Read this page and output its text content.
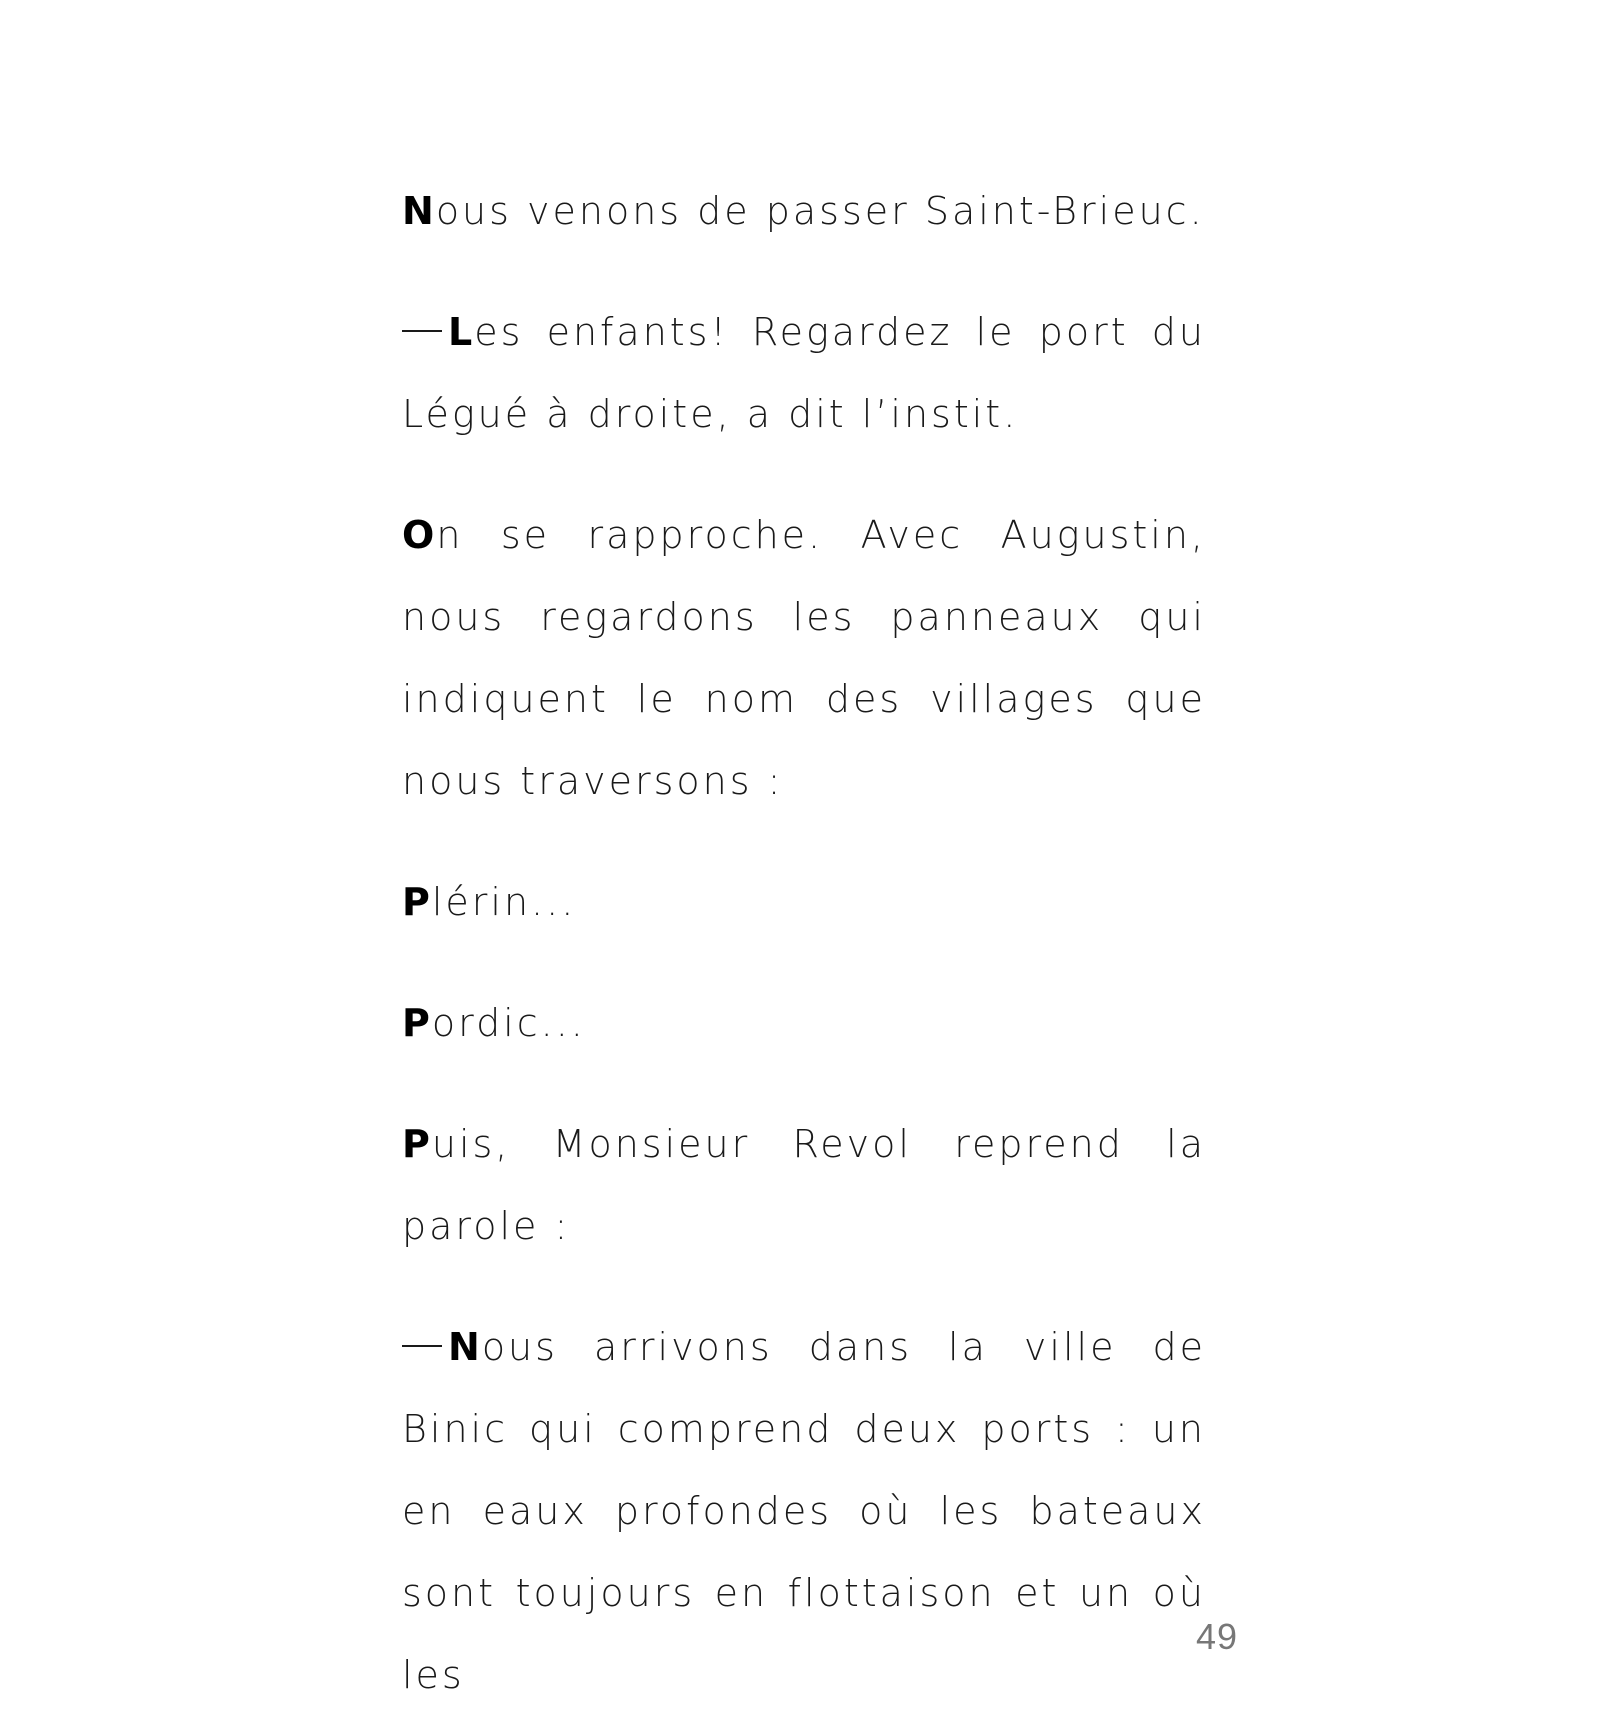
Nous venons de passer Saint-Brieuc.

Les enfants! Regardez le port du Légué à droite, a dit l’instit.

On se rapproche. Avec Augustin, nous regardons les panneaux qui indiquent le nom des villages que nous traversons :

Plérin...

Pordic...

Puis, Monsieur Revol reprend la parole :

Nous arrivons dans la ville de Binic qui comprend deux ports : un en eaux profondes où les bateaux sont toujours en flottaison et un où les

49
